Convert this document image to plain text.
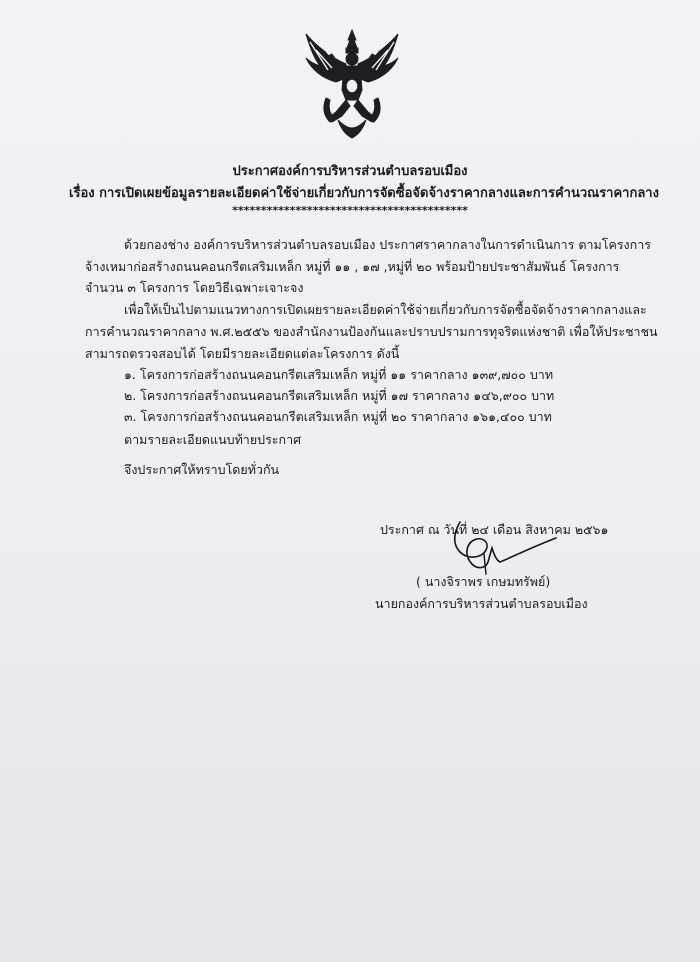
ประกาศองค์การบริหารส่วนตำบลรอบเมือง
เรื่อง การเปิดเผยข้อมูลรายละเอียดค่าใช้จ่ายเกี่ยวกับการจัดซื้อจัดจ้างราคากลางและการคำนวณราคากลาง
*****************************************
ด้วยกองช่าง องค์การบริหารส่วนตำบลรอบเมือง ประกาศราคากลางในการดำเนินการ ตามโครงการ
จ้างเหมาก่อสร้างถนนคอนกรีตเสริมเหล็ก หมู่ที่ ๑๑ , ๑๗ ,หมู่ที่ ๒๐ พร้อมป้ายประชาสัมพันธ์ โครงการ
จำนวน ๓ โครงการ โดยวิธีเฉพาะเจาะจง
เพื่อให้เป็นไปตามแนวทางการเปิดเผยรายละเอียดค่าใช้จ่ายเกี่ยวกับการจัดซื้อจัดจ้างราคากลางและ
การคำนวณราคากลาง พ.ศ.๒๕๕๖ ของสำนักงานป้องกันและปราบปรามการทุจริตแห่งชาติ เพื่อให้ประชาชน
สามารถตรวจสอบได้ โดยมีรายละเอียดแต่ละโครงการ ดังนี้
๑. โครงการก่อสร้างถนนคอนกรีตเสริมเหล็ก หมู่ที่ ๑๑ ราคากลาง ๑๓๙,๗๐๐ บาท
๒. โครงการก่อสร้างถนนคอนกรีตเสริมเหล็ก หมู่ที่ ๑๗ ราคากลาง ๑๔๖,๙๐๐ บาท
๓. โครงการก่อสร้างถนนคอนกรีตเสริมเหล็ก หมู่ที่ ๒๐ ราคากลาง ๑๖๑,๔๐๐ บาท
ตามรายละเอียดแนบท้ายประกาศ
จึงประกาศให้ทราบโดยทั่วกัน
ประกาศ ณ วันที่ ๒๔ เดือน สิงหาคม ๒๕๖๑
( นางจิราพร เกษมทรัพย์)
นายกองค์การบริหารส่วนตำบลรอบเมือง
